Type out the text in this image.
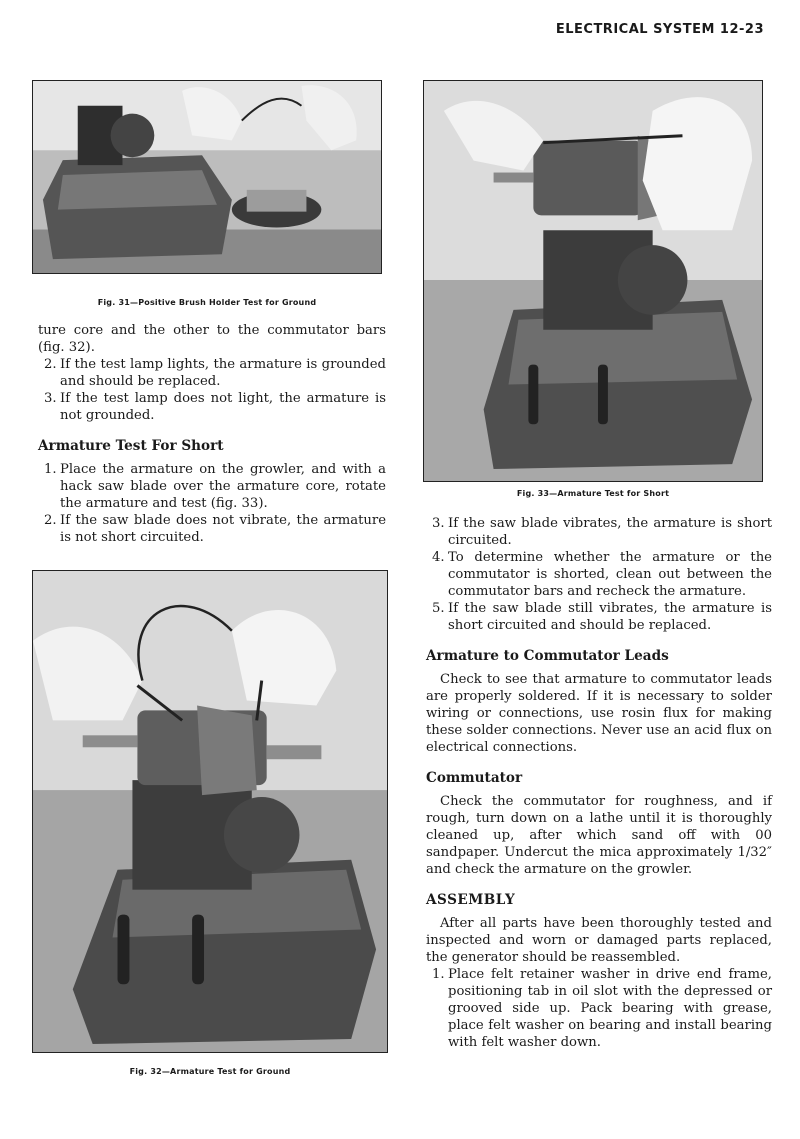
ELECTRICAL SYSTEM 12-23
Fig. 31—Positive Brush Holder Test for Ground
Fig. 33—Armature Test for Short
Fig. 32—Armature Test for Ground

ture core and the other to the commutator bars (fig. 32).

2. If the test lamp lights, the armature is grounded and should be replaced.
3. If the test lamp does not light, the armature is not grounded.
Armature Test For Short
1. Place the armature on the growler, and with a hack saw blade over the armature core, rotate the armature and test (fig. 33).
2. If the saw blade does not vibrate, the armature is not short circuited.
3. If the saw blade vibrates, the armature is short circuited.
4. To determine whether the armature or the commutator is shorted, clean out between the commutator bars and recheck the armature.
5. If the saw blade still vibrates, the armature is short circuited and should be replaced.
Armature to Commutator Leads

Check to see that armature to commutator leads are properly soldered. If it is necessary to solder wiring or connections, use rosin flux for making these solder connections. Never use an acid flux on electrical connections.

Commutator

Check the commutator for roughness, and if rough, turn down on a lathe until it is thoroughly cleaned up, after which sand off with 00 sandpaper. Undercut the mica approximately 1/32″ and check the armature on the growler.

ASSEMBLY

After all parts have been thoroughly tested and inspected and worn or damaged parts replaced, the generator should be reassembled.

1. Place felt retainer washer in drive end frame, positioning tab in oil slot with the depressed or grooved side up. Pack bearing with grease, place felt washer on bearing and install bearing with felt washer down.
